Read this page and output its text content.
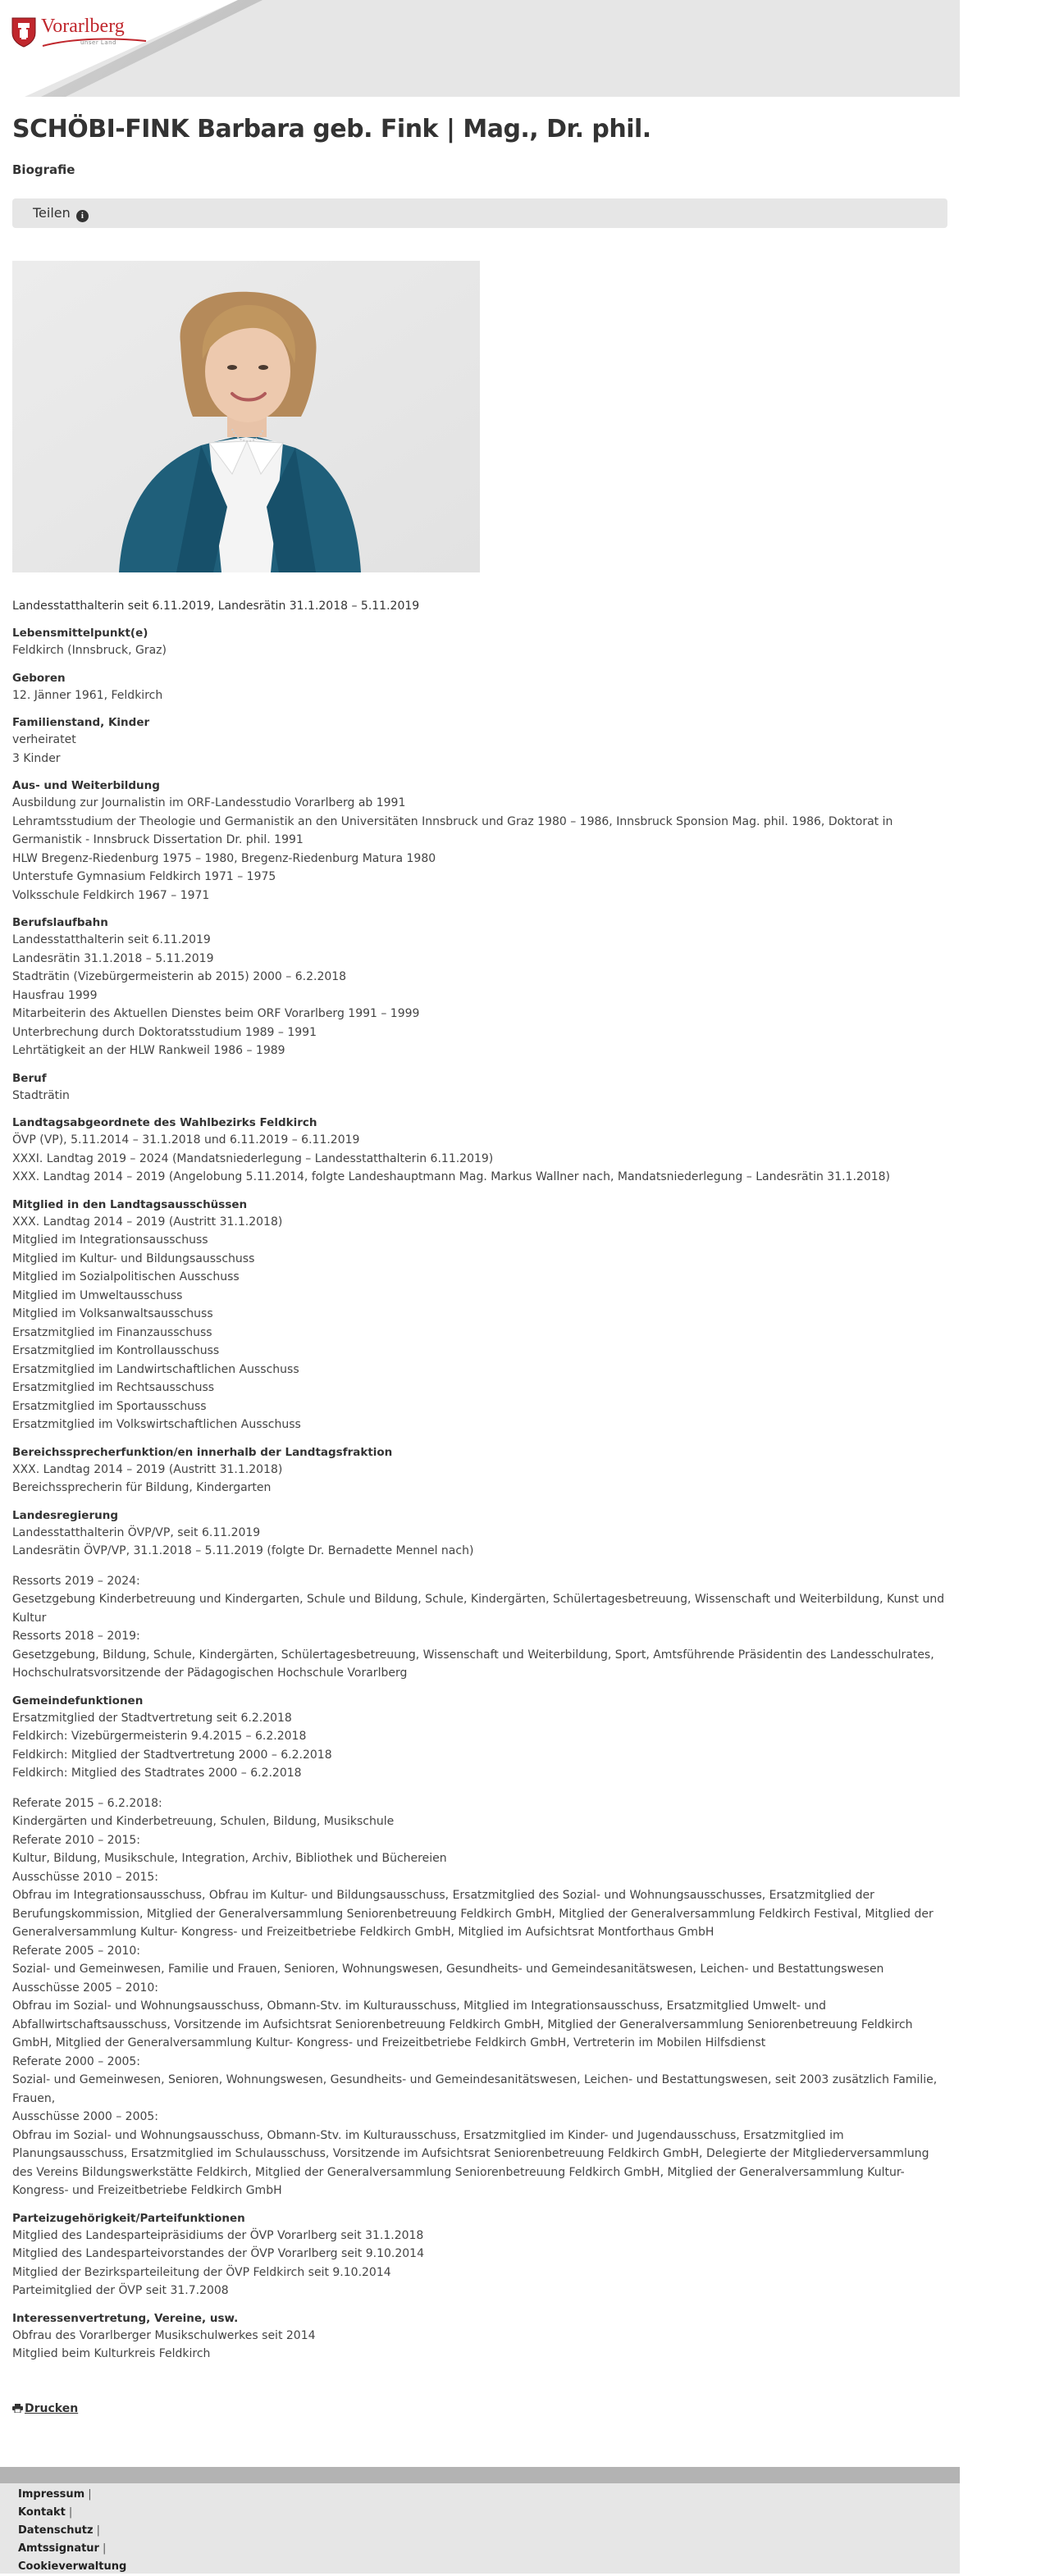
Vorarlberg
unser Land
SCHÖBI-FINK Barbara geb. Fink | Mag., Dr. phil.
Biografie
Teilen i
Landesstatthalterin seit 6.11.2019, Landesrätin 31.1.2018 – 5.11.2019
Lebensmittelpunkt(e)
Feldkirch (Innsbruck, Graz)
Geboren
12. Jänner 1961, Feldkirch
Familienstand, Kinder
verheiratet
3 Kinder
Aus- und Weiterbildung
Ausbildung zur Journalistin im ORF-Landesstudio Vorarlberg ab 1991
Lehramtsstudium der Theologie und Germanistik an den Universitäten Innsbruck und Graz 1980 – 1986, Innsbruck Sponsion Mag. phil. 1986, Doktorat in Germanistik - Innsbruck Dissertation Dr. phil. 1991
HLW Bregenz-Riedenburg 1975 – 1980, Bregenz-Riedenburg Matura 1980
Unterstufe Gymnasium Feldkirch 1971 – 1975
Volksschule Feldkirch 1967 – 1971
Berufslaufbahn
Landesstatthalterin seit 6.11.2019
Landesrätin 31.1.2018 – 5.11.2019
Stadträtin (Vizebürgermeisterin ab 2015) 2000 – 6.2.2018
Hausfrau 1999
Mitarbeiterin des Aktuellen Dienstes beim ORF Vorarlberg 1991 – 1999
Unterbrechung durch Doktoratsstudium 1989 – 1991
Lehrtätigkeit an der HLW Rankweil 1986 – 1989
Beruf
Stadträtin
Landtagsabgeordnete des Wahlbezirks Feldkirch
ÖVP (VP), 5.11.2014 – 31.1.2018 und 6.11.2019 – 6.11.2019
XXXI. Landtag 2019 – 2024 (Mandatsniederlegung – Landesstatthalterin 6.11.2019)
XXX. Landtag 2014 – 2019 (Angelobung 5.11.2014, folgte Landeshauptmann Mag. Markus Wallner nach, Mandatsniederlegung – Landesrätin 31.1.2018)
Mitglied in den Landtagsausschüssen
XXX. Landtag 2014 – 2019 (Austritt 31.1.2018)
Mitglied im Integrationsausschuss
Mitglied im Kultur- und Bildungsausschuss
Mitglied im Sozialpolitischen Ausschuss
Mitglied im Umweltausschuss
Mitglied im Volksanwaltsausschuss
Ersatzmitglied im Finanzausschuss
Ersatzmitglied im Kontrollausschuss
Ersatzmitglied im Landwirtschaftlichen Ausschuss
Ersatzmitglied im Rechtsausschuss
Ersatzmitglied im Sportausschuss
Ersatzmitglied im Volkswirtschaftlichen Ausschuss
Bereichssprecherfunktion/en innerhalb der Landtagsfraktion
XXX. Landtag 2014 – 2019 (Austritt 31.1.2018)
Bereichssprecherin für Bildung, Kindergarten
Landesregierung
Landesstatthalterin ÖVP/VP, seit 6.11.2019
Landesrätin ÖVP/VP, 31.1.2018 – 5.11.2019 (folgte Dr. Bernadette Mennel nach)
Ressorts 2019 – 2024:
Gesetzgebung Kinderbetreuung und Kindergarten, Schule und Bildung, Schule, Kindergärten, Schülertagesbetreuung, Wissenschaft und Weiterbildung, Kunst und Kultur
Ressorts 2018 – 2019:
Gesetzgebung, Bildung, Schule, Kindergärten, Schülertagesbetreuung, Wissenschaft und Weiterbildung, Sport, Amtsführende Präsidentin des Landesschulrates, Hochschulratsvorsitzende der Pädagogischen Hochschule Vorarlberg
Gemeindefunktionen
Ersatzmitglied der Stadtvertretung seit 6.2.2018
Feldkirch: Vizebürgermeisterin 9.4.2015 – 6.2.2018
Feldkirch: Mitglied der Stadtvertretung 2000 – 6.2.2018
Feldkirch: Mitglied des Stadtrates 2000 – 6.2.2018
Referate 2015 – 6.2.2018:
Kindergärten und Kinderbetreuung, Schulen, Bildung, Musikschule
Referate 2010 – 2015:
Kultur, Bildung, Musikschule, Integration, Archiv, Bibliothek und Büchereien
Ausschüsse 2010 – 2015:
Obfrau im Integrationsausschuss, Obfrau im Kultur- und Bildungsausschuss, Ersatzmitglied des Sozial- und Wohnungsausschusses, Ersatzmitglied der Berufungskommission, Mitglied der Generalversammlung Seniorenbetreuung Feldkirch GmbH, Mitglied der Generalversammlung Feldkirch Festival, Mitglied der Generalversammlung Kultur- Kongress- und Freizeitbetriebe Feldkirch GmbH, Mitglied im Aufsichtsrat Montforthaus GmbH
Referate 2005 – 2010:
Sozial- und Gemeinwesen, Familie und Frauen, Senioren, Wohnungswesen, Gesundheits- und Gemeindesanitätswesen, Leichen- und Bestattungswesen
Ausschüsse 2005 – 2010:
Obfrau im Sozial- und Wohnungsausschuss, Obmann-Stv. im Kulturausschuss, Mitglied im Integrationsausschuss, Ersatzmitglied Umwelt- und Abfallwirtschaftsausschuss, Vorsitzende im Aufsichtsrat Seniorenbetreuung Feldkirch GmbH, Mitglied der Generalversammlung Seniorenbetreuung Feldkirch GmbH, Mitglied der Generalversammlung Kultur- Kongress- und Freizeitbetriebe Feldkirch GmbH, Vertreterin im Mobilen Hilfsdienst
Referate 2000 – 2005:
Sozial- und Gemeinwesen, Senioren, Wohnungswesen, Gesundheits- und Gemeindesanitätswesen, Leichen- und Bestattungswesen, seit 2003 zusätzlich Familie, Frauen,
Ausschüsse 2000 – 2005:
Obfrau im Sozial- und Wohnungsausschuss, Obmann-Stv. im Kulturausschuss, Ersatzmitglied im Kinder- und Jugendausschuss, Ersatzmitglied im Planungsausschuss, Ersatzmitglied im Schulausschuss, Vorsitzende im Aufsichtsrat Seniorenbetreuung Feldkirch GmbH, Delegierte der Mitgliederversammlung des Vereins Bildungswerkstätte Feldkirch, Mitglied der Generalversammlung Seniorenbetreuung Feldkirch GmbH, Mitglied der Generalversammlung Kultur- Kongress- und Freizeitbetriebe Feldkirch GmbH
Parteizugehörigkeit/Parteifunktionen
Mitglied des Landesparteipräsidiums der ÖVP Vorarlberg seit 31.1.2018
Mitglied des Landesparteivorstandes der ÖVP Vorarlberg seit 9.10.2014
Mitglied der Bezirksparteileitung der ÖVP Feldkirch seit 9.10.2014
Parteimitglied der ÖVP seit 31.7.2008
Interessenvertretung, Vereine, usw.
Obfrau des Vorarlberger Musikschulwerkes seit 2014
Mitglied beim Kulturkreis Feldkirch
Drucken
Impressum |
Kontakt |
Datenschutz |
Amtssignatur |
Cookieverwaltung
